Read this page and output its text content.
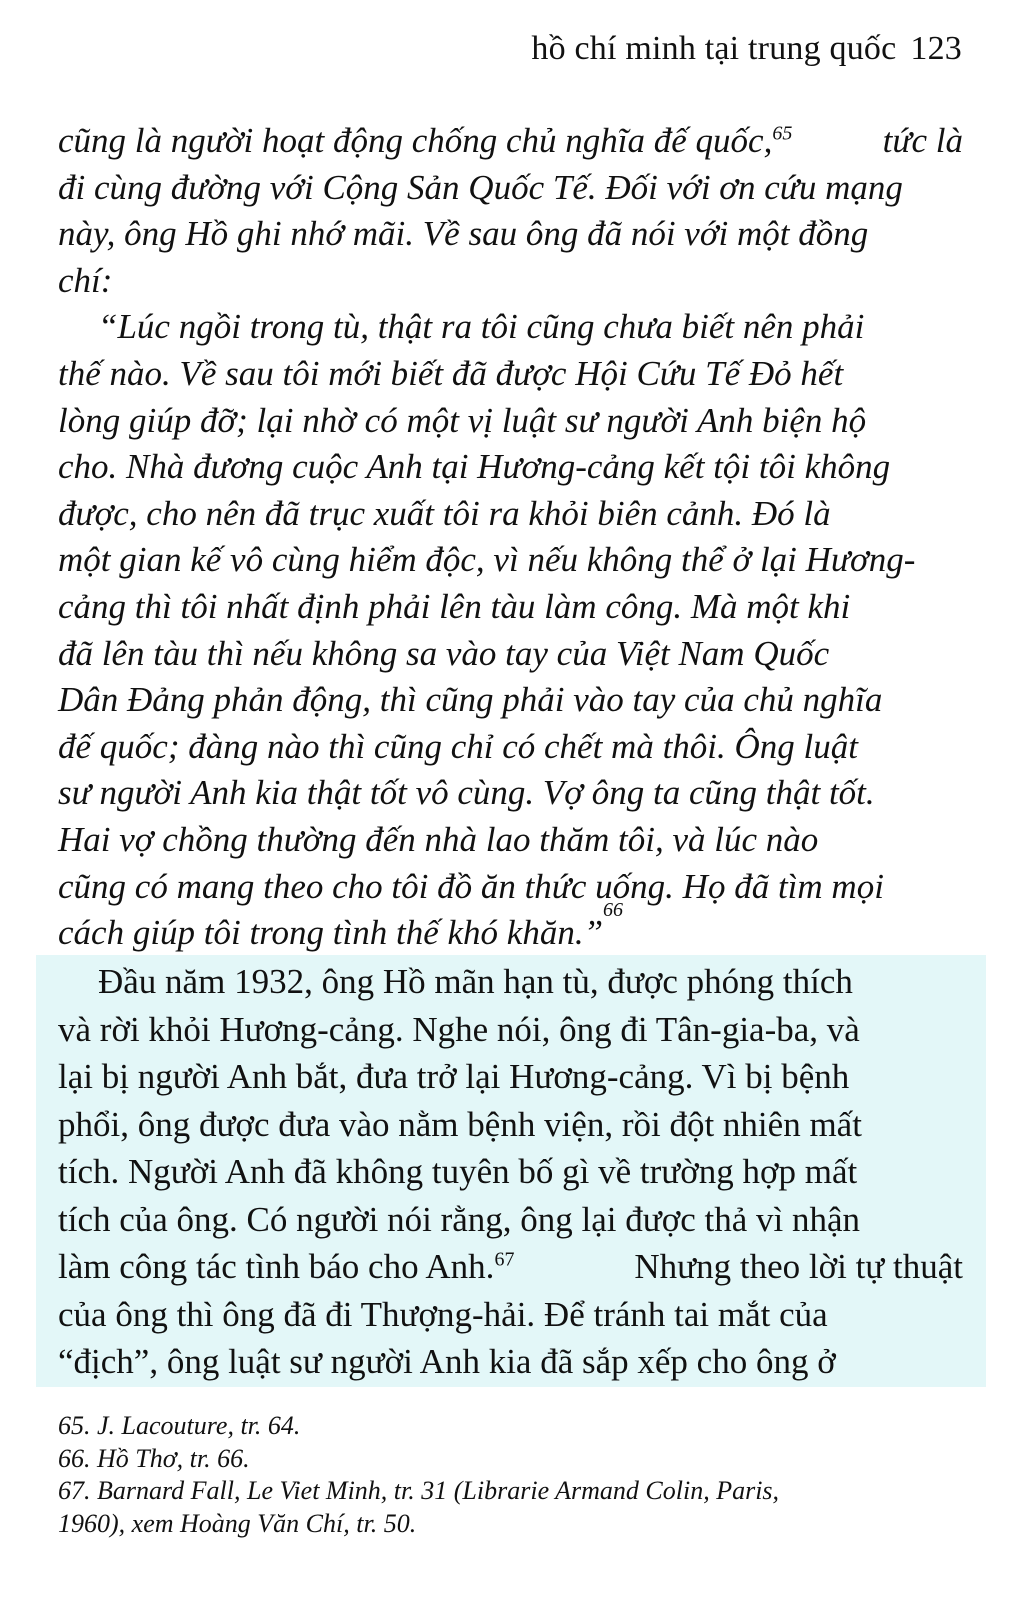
hồ chí minh tại trung quốc 123
cũng là người hoạt động chống chủ nghĩa đế quốc,$^{65}$	tức là
đi cùng đường với Cộng Sản Quốc Tế. Đối với ơn cứu mạng
này, ông Hồ ghi nhớ mãi. Về sau ông đã nói với một đồng
chí:
“Lúc ngồi trong tù, thật ra tôi cũng chưa biết nên phải
thế nào. Về sau tôi mới biết đã được Hội Cứu Tế Đỏ hết
lòng giúp đỡ; lại nhờ có một vị luật sư người Anh biện hộ
cho. Nhà đương cuộc Anh tại Hương-cảng kết tội tôi không
được, cho nên đã trục xuất tôi ra khỏi biên cảnh. Đó là
một gian kế vô cùng hiểm độc, vì nếu không thể ở lại Hương-
cảng thì tôi nhất định phải lên tàu làm công. Mà một khi
đã lên tàu thì nếu không sa vào tay của Việt Nam Quốc
Dân Đảng phản động, thì cũng phải vào tay của chủ nghĩa
đế quốc; đàng nào thì cũng chỉ có chết mà thôi. Ông luật
sư người Anh kia thật tốt vô cùng. Vợ ông ta cũng thật tốt.
Hai vợ chồng thường đến nhà lao thăm tôi, và lúc nào
cũng có mang theo cho tôi đồ ăn thức uống. Họ đã tìm mọi
cách giúp tôi trong tình thế khó khăn.”
66
Đầu năm 1932, ông Hồ mãn hạn tù, được phóng thích
và rời khỏi Hương-cảng. Nghe nói, ông đi Tân-gia-ba, và
lại bị người Anh bắt, đưa trở lại Hương-cảng. Vì bị bệnh
phổi, ông được đưa vào nằm bệnh viện, rồi đột nhiên mất
tích. Người Anh đã không tuyên bố gì về trường hợp mất
tích của ông. Có người nói rằng, ông lại được thả vì nhận
làm công tác tình báo cho Anh.$^{67}$	Nhưng theo lời tự thuật
của ông thì ông đã đi Thượng-hải. Để tránh tai mắt của
“địch”, ông luật sư người Anh kia đã sắp xếp cho ông ở
65. J. Lacouture, tr. 64.
66. Hồ Thơ, tr. 66.
67. Barnard Fall, Le Viet Minh, tr. 31 (Librarie Armand Colin, Paris,
1960), xem Hoàng Văn Chí, tr. 50.
